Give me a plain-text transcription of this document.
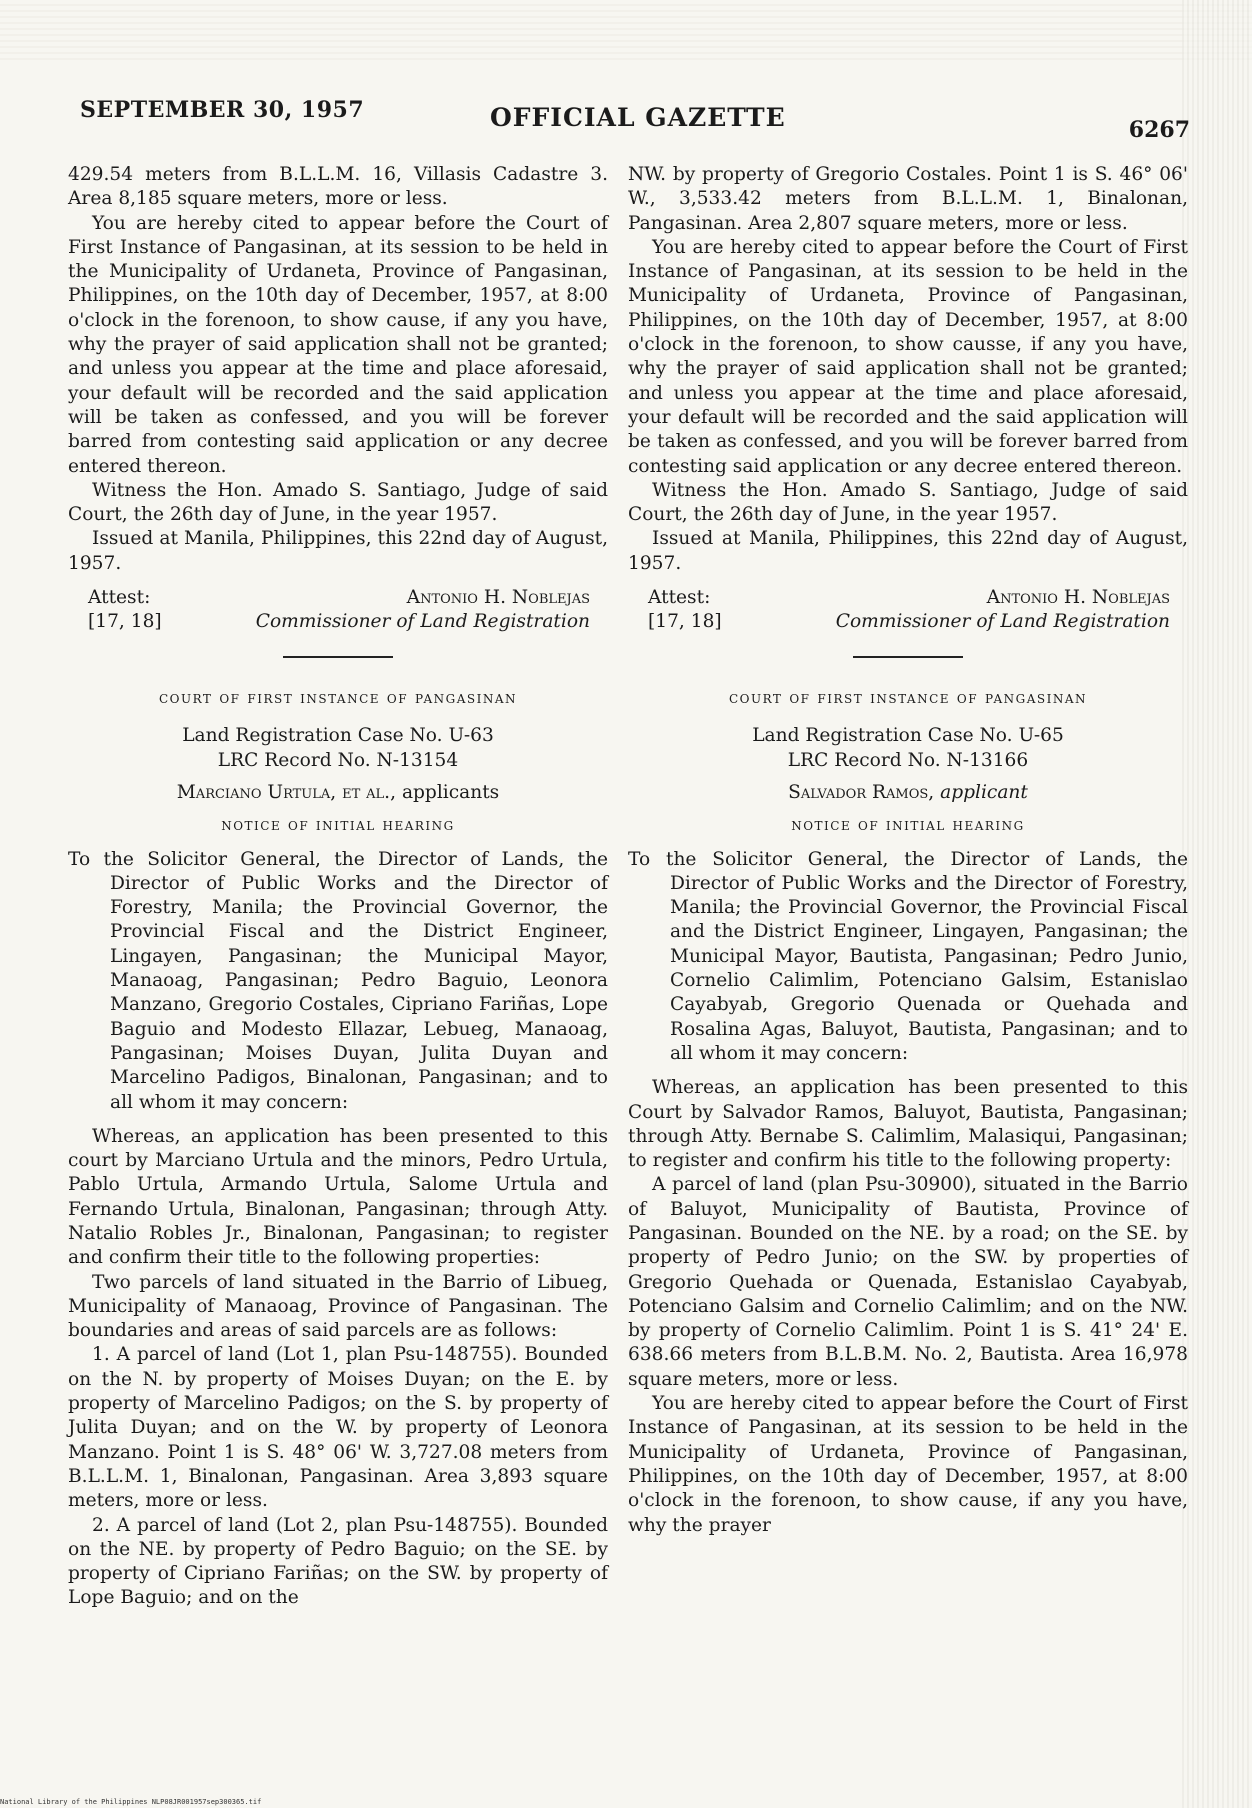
SEPTEMBER 30, 1957	OFFICIAL GAZETTE	6267

429.54 meters from B.L.L.M. 16, Villasis Cadastre 3. Area 8,185 square meters, more or less.

You are hereby cited to appear before the Court of First Instance of Pangasinan, at its session to be held in the Municipality of Urdaneta, Province of Pangasinan, Philippines, on the 10th day of December, 1957, at 8:00 o'clock in the forenoon, to show cause, if any you have, why the prayer of said application shall not be granted; and unless you appear at the time and place aforesaid, your default will be recorded and the said application will be taken as confessed, and you will be forever barred from contesting said application or any decree entered thereon.

Witness the Hon. Amado S. Santiago, Judge of said Court, the 26th day of June, in the year 1957.

Issued at Manila, Philippines, this 22nd day of August, 1957.

Attest:
[17, 18]
Antonio H. Noblejas
Commissioner of Land Registration
court of first instance of pangasinan
Land Registration Case No. U-63
LRC Record No. N-13154
Marciano Urtula, et al., applicants
notice of initial hearing

To the Solicitor General, the Director of Lands, the Director of Public Works and the Director of Forestry, Manila; the Provincial Governor, the Provincial Fiscal and the District Engineer, Lingayen, Pangasinan; the Municipal Mayor, Manaoag, Pangasinan; Pedro Baguio, Leonora Manzano, Gregorio Costales, Cipriano Fariñas, Lope Baguio and Modesto Ellazar, Lebueg, Manaoag, Pangasinan; Moises Duyan, Julita Duyan and Marcelino Padigos, Binalonan, Pangasinan; and to all whom it may concern:

Whereas, an application has been presented to this court by Marciano Urtula and the minors, Pedro Urtula, Pablo Urtula, Armando Urtula, Salome Urtula and Fernando Urtula, Binalonan, Pangasinan; through Atty. Natalio Robles Jr., Binalonan, Pangasinan; to register and confirm their title to the following properties:

Two parcels of land situated in the Barrio of Libueg, Municipality of Manaoag, Province of Pangasinan. The boundaries and areas of said parcels are as follows:

1. A parcel of land (Lot 1, plan Psu-148755). Bounded on the N. by property of Moises Duyan; on the E. by property of Marcelino Padigos; on the S. by property of Julita Duyan; and on the W. by property of Leonora Manzano. Point 1 is S. 48° 06' W. 3,727.08 meters from B.L.L.M. 1, Binalonan, Pangasinan. Area 3,893 square meters, more or less.

2. A parcel of land (Lot 2, plan Psu-148755). Bounded on the NE. by property of Pedro Baguio; on the SE. by property of Cipriano Fariñas; on the SW. by property of Lope Baguio; and on the

NW. by property of Gregorio Costales. Point 1 is S. 46° 06' W., 3,533.42 meters from B.L.L.M. 1, Binalonan, Pangasinan. Area 2,807 square meters, more or less.

You are hereby cited to appear before the Court of First Instance of Pangasinan, at its session to be held in the Municipality of Urdaneta, Province of Pangasinan, Philippines, on the 10th day of December, 1957, at 8:00 o'clock in the forenoon, to show causse, if any you have, why the prayer of said application shall not be granted; and unless you appear at the time and place aforesaid, your default will be recorded and the said application will be taken as confessed, and you will be forever barred from contesting said application or any decree entered thereon.

Witness the Hon. Amado S. Santiago, Judge of said Court, the 26th day of June, in the year 1957.

Issued at Manila, Philippines, this 22nd day of August, 1957.

Attest:
[17, 18]
Antonio H. Noblejas
Commissioner of Land Registration
court of first instance of pangasinan
Land Registration Case No. U-65
LRC Record No. N-13166
Salvador Ramos, applicant
notice of initial hearing

To the Solicitor General, the Director of Lands, the Director of Public Works and the Director of Forestry, Manila; the Provincial Governor, the Provincial Fiscal and the District Engineer, Lingayen, Pangasinan; the Municipal Mayor, Bautista, Pangasinan; Pedro Junio, Cornelio Calimlim, Potenciano Galsim, Estanislao Cayabyab, Gregorio Quenada or Quehada and Rosalina Agas, Baluyot, Bautista, Pangasinan; and to all whom it may concern:

Whereas, an application has been presented to this Court by Salvador Ramos, Baluyot, Bautista, Pangasinan; through Atty. Bernabe S. Calimlim, Malasiqui, Pangasinan; to register and confirm his title to the following property:

A parcel of land (plan Psu-30900), situated in the Barrio of Baluyot, Municipality of Bautista, Province of Pangasinan. Bounded on the NE. by a road; on the SE. by property of Pedro Junio; on the SW. by properties of Gregorio Quehada or Quenada, Estanislao Cayabyab, Potenciano Galsim and Cornelio Calimlim; and on the NW. by property of Cornelio Calimlim. Point 1 is S. 41° 24' E. 638.66 meters from B.L.B.M. No. 2, Bautista. Area 16,978 square meters, more or less.

You are hereby cited to appear before the Court of First Instance of Pangasinan, at its session to be held in the Municipality of Urdaneta, Province of Pangasinan, Philippines, on the 10th day of December, 1957, at 8:00 o'clock in the forenoon, to show cause, if any you have, why the prayer

National Library of the Philippines NLP08JR001957sep300365.tif
